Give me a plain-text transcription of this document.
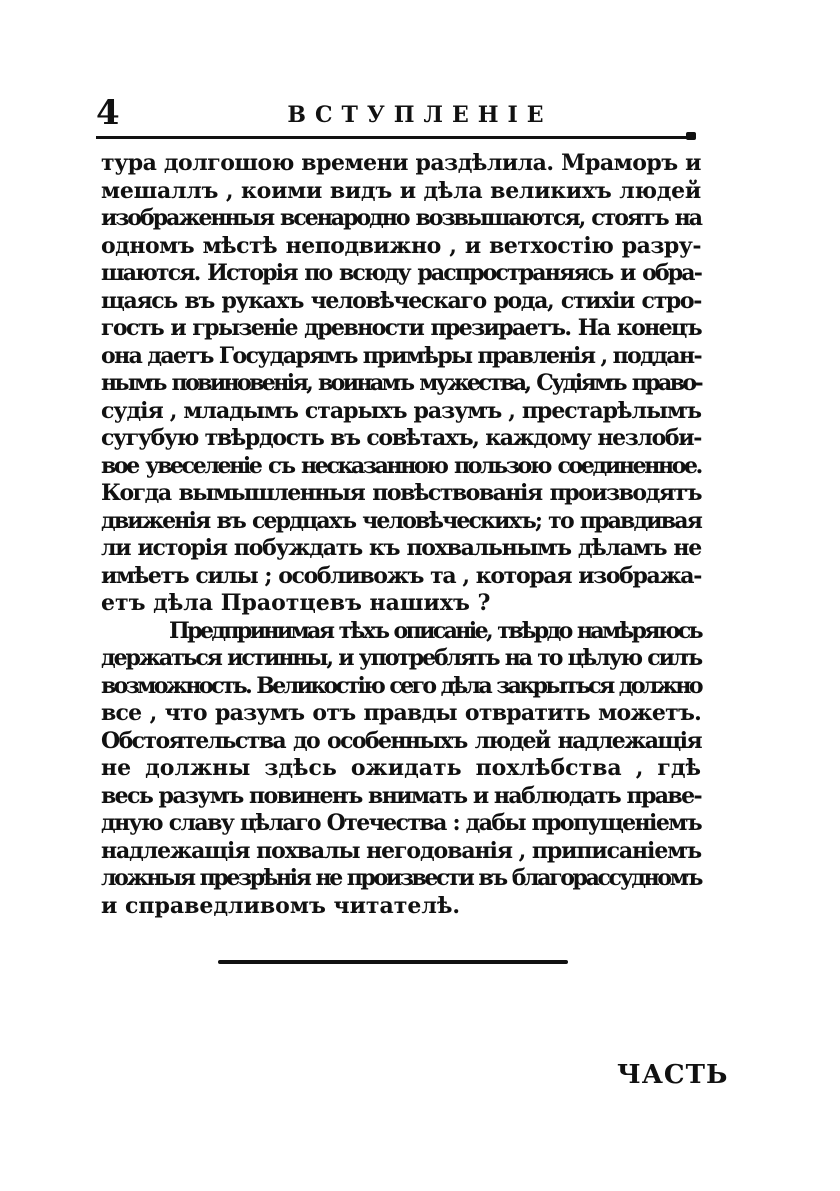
4	ВСТУПЛЕНІЕ
тура долгошою времени раздѣлила. Мраморъ и
мешаллъ , коими видъ и дѣла великихъ людей
изображенныя всенародно возвышаются, стоятъ на
одномъ мѣстѣ неподвижно , и ветхостію разру-
шаются. Исторія по всюду распространяясь и обра-
щаясь въ рукахъ человѣческаго рода, стихіи стро-
гость и грызеніе древности презираетъ. На конецъ
она даетъ Государямъ примѣры правленія , поддан-
нымъ повиновенія, воинамъ мужества, Судіямъ право-
судія , младымъ старыхъ разумъ , престарѣлымъ
сугубую твѣрдость въ совѣтахъ, каждому незлоби-
вое увеселеніе съ несказанною пользою соединенное.
Когда вымышленныя повѣствованія производятъ
движенія въ сердцахъ человѣческихъ; то правдивая
ли исторія побуждать къ похвальнымъ дѣламъ не
имѣетъ силы ; особливожъ та , которая изобража-
етъ дѣла Праотцевъ нашихъ ?
Предпринимая тѣхъ описаніе, твѣрдо намѣряюсь
держаться истинны, и употреблять на то цѣлую силъ
возможность. Великостію сего дѣла закрыться должно
все , что разумъ отъ правды отвратить можетъ.
Обстоятельства до особенныхъ людей надлежащія
не должны здѣсь ожидать похлѣбства , гдѣ
весь разумъ повиненъ внимать и наблюдать праве-
дную славу цѣлаго Отечества : дабы пропущеніемъ
надлежащія похвалы негодованія , приписаніемъ
ложныя презрѣнія не произвести въ благорассудномъ
и справедливомъ читателѣ.
ЧАСТЬ
